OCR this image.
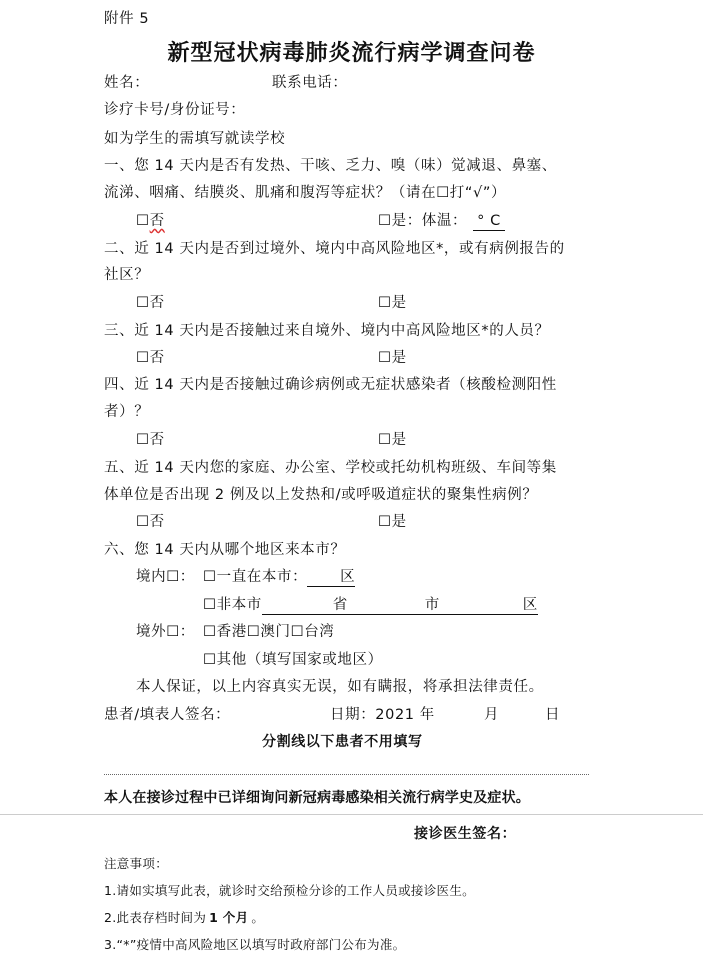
附件 5
新型冠状病毒肺炎流行病学调查问卷
姓名：	联系电话：
诊疗卡号/身份证号：
如为学生的需填写就读学校
一、您 14 天内是否有发热、干咳、乏力、嗅（味）觉减退、鼻塞、
流涕、咽痛、结膜炎、肌痛和腹泻等症状？（请在☐打“√”）
☐否	☐是：体温： ° C
二、近 14 天内是否到过境外、境内中高风险地区*，或有病例报告的
社区？
☐否	☐是
三、近 14 天内是否接触过来自境外、境内中高风险地区*的人员？
☐否	☐是
四、近 14 天内是否接触过确诊病例或无症状感染者（核酸检测阳性
者）？
☐否	☐是
五、近 14 天内您的家庭、办公室、学校或托幼机构班级、车间等集
体单位是否出现 2 例及以上发热和/或呼吸道症状的聚集性病例？
☐否	☐是
六、您 14 天内从哪个地区来本市？
境内☐： ☐一直在本市： 区
☐非本市	省	市	区
境外☐： ☐香港☐澳门☐台湾
☐其他（填写国家或地区）
本人保证，以上内容真实无误，如有瞒报，将承担法律责任。
患者/填表人签名：	日期：2021 年	月	日
分割线以下患者不用填写
本人在接诊过程中已详细询问新冠病毒感染相关流行病学史及症状。
接诊医生签名：
注意事项：
1.请如实填写此表，就诊时交给预检分诊的工作人员或接诊医生。
2.此表存档时间为 1 个月 。
3.“*”疫情中高风险地区以填写时政府部门公布为准。
